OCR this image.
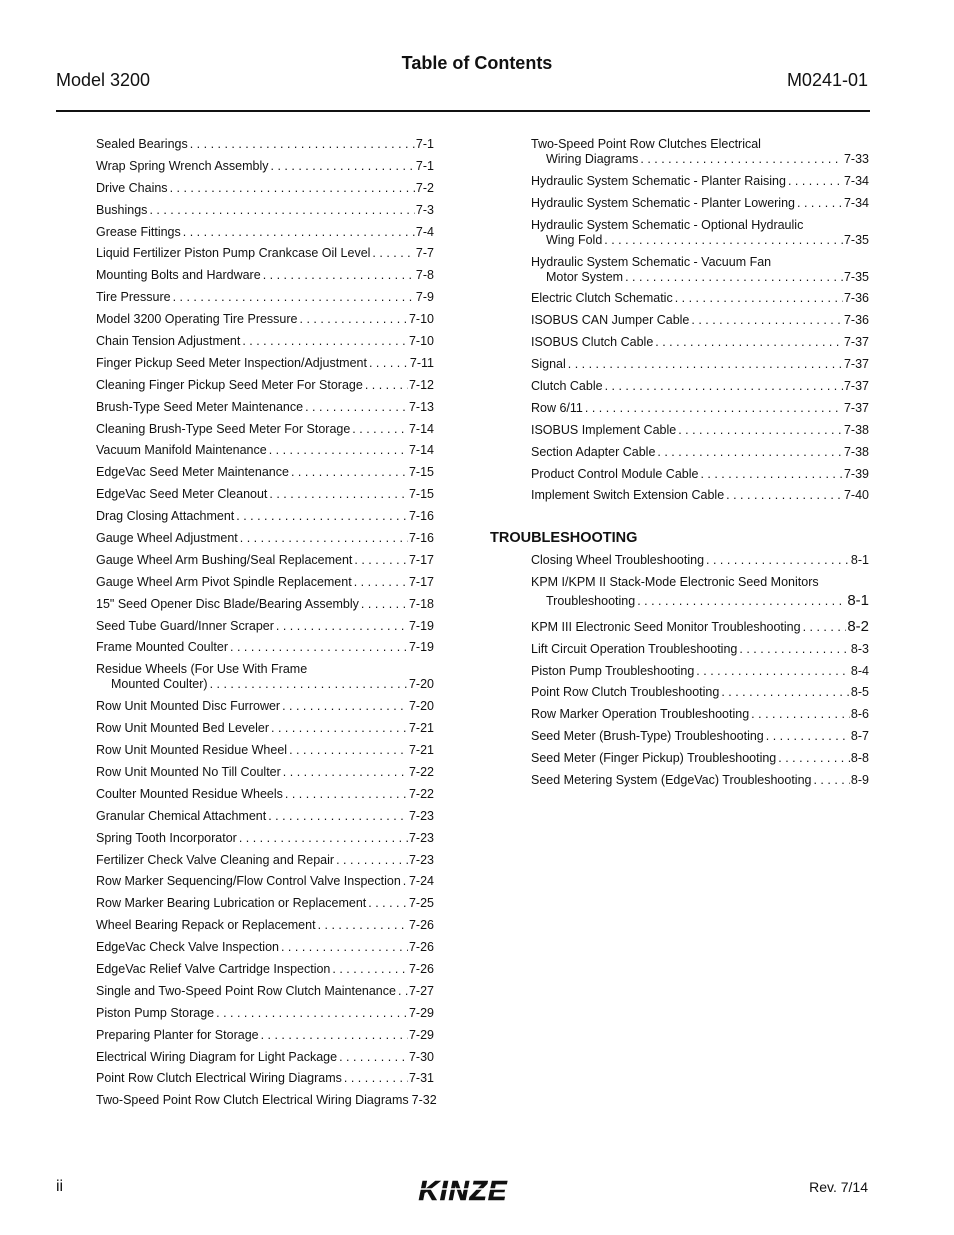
Table of Contents
Model 3200	M0241-01
Sealed Bearings . . .	7-1
Wrap Spring Wrench Assembly . . .	7-1
Drive Chains . . .	7-2
Bushings . . .	7-3
Grease Fittings . . .	7-4
Liquid Fertilizer Piston Pump Crankcase Oil Level . . .	7-7
Mounting Bolts and Hardware . . .	7-8
Tire Pressure . . .	7-9
Model 3200 Operating Tire Pressure . . .	7-10
Chain Tension Adjustment . . .	7-10
Finger Pickup Seed Meter Inspection/Adjustment . . .	7-11
Cleaning Finger Pickup Seed Meter For Storage . . .	7-12
Brush-Type Seed Meter Maintenance . . .	7-13
Cleaning Brush-Type Seed Meter For Storage . . .	7-14
Vacuum Manifold Maintenance . . .	7-14
EdgeVac Seed Meter Maintenance . . .	7-15
EdgeVac Seed Meter Cleanout . . .	7-15
Drag Closing Attachment . . .	7-16
Gauge Wheel Adjustment . . .	7-16
Gauge Wheel Arm Bushing/Seal Replacement . . .	7-17
Gauge Wheel Arm Pivot Spindle Replacement . . .	7-17
15" Seed Opener Disc Blade/Bearing Assembly . . .	7-18
Seed Tube Guard/Inner Scraper . . .	7-19
Frame Mounted Coulter . . .	7-19
Residue Wheels (For Use With Frame
Mounted Coulter) . . .	7-20
Row Unit Mounted Disc Furrower . . .	7-20
Row Unit Mounted Bed Leveler . . .	7-21
Row Unit Mounted Residue Wheel . . .	7-21
Row Unit Mounted No Till Coulter . . .	7-22
Coulter Mounted Residue Wheels . . .	7-22
Granular Chemical Attachment . . .	7-23
Spring Tooth Incorporator . . .	7-23
Fertilizer Check Valve Cleaning and Repair . . .	7-23
Row Marker Sequencing/Flow Control Valve Inspection . . . 7-24
Row Marker Bearing Lubrication or Replacement . . .	7-25
Wheel Bearing Repack or Replacement . . .	7-26
EdgeVac Check Valve Inspection . . .	7-26
EdgeVac Relief Valve Cartridge Inspection . . .	7-26
Single and Two-Speed Point Row Clutch Maintenance . . . 7-27
Piston Pump Storage . . .	7-29
Preparing Planter for Storage . . .	7-29
Electrical Wiring Diagram for Light Package . . .	7-30
Point Row Clutch Electrical Wiring Diagrams . . .	7-31
Two-Speed Point Row Clutch Electrical Wiring Diagrams . . . 7-32
Two-Speed Point Row Clutches Electrical
Wiring Diagrams . . .	7-33
Hydraulic System Schematic - Planter Raising . . .	7-34
Hydraulic System Schematic - Planter Lowering . . .	7-34
Hydraulic System Schematic - Optional Hydraulic
Wing Fold . . .	7-35
Hydraulic System Schematic - Vacuum Fan
Motor System . . .	7-35
Electric Clutch Schematic . . .	7-36
ISOBUS CAN Jumper Cable . . .	7-36
ISOBUS Clutch Cable . . .	7-37
Signal . . .	7-37
Clutch Cable . . .	7-37
Row 6/11 . . .	7-37
ISOBUS Implement Cable . . .	7-38
Section Adapter Cable . . .	7-38
Product Control Module Cable . . .	7-39
Implement Switch Extension Cable . . .	7-40
TROUBLESHOOTING
Closing Wheel Troubleshooting . . .	8-1
KPM I/KPM II Stack-Mode Electronic Seed Monitors
Troubleshooting . . .	8-1
KPM III Electronic Seed Monitor Troubleshooting . . .	8-2
Lift Circuit Operation Troubleshooting . . .	8-3
Piston Pump Troubleshooting . . .	8-4
Point Row Clutch Troubleshooting . . .	8-5
Row Marker Operation Troubleshooting . . .	8-6
Seed Meter (Brush-Type) Troubleshooting . . .	8-7
Seed Meter (Finger Pickup) Troubleshooting . . .	8-8
Seed Metering System (EdgeVac) Troubleshooting . . .	8-9
ii	KINZE	Rev. 7/14
